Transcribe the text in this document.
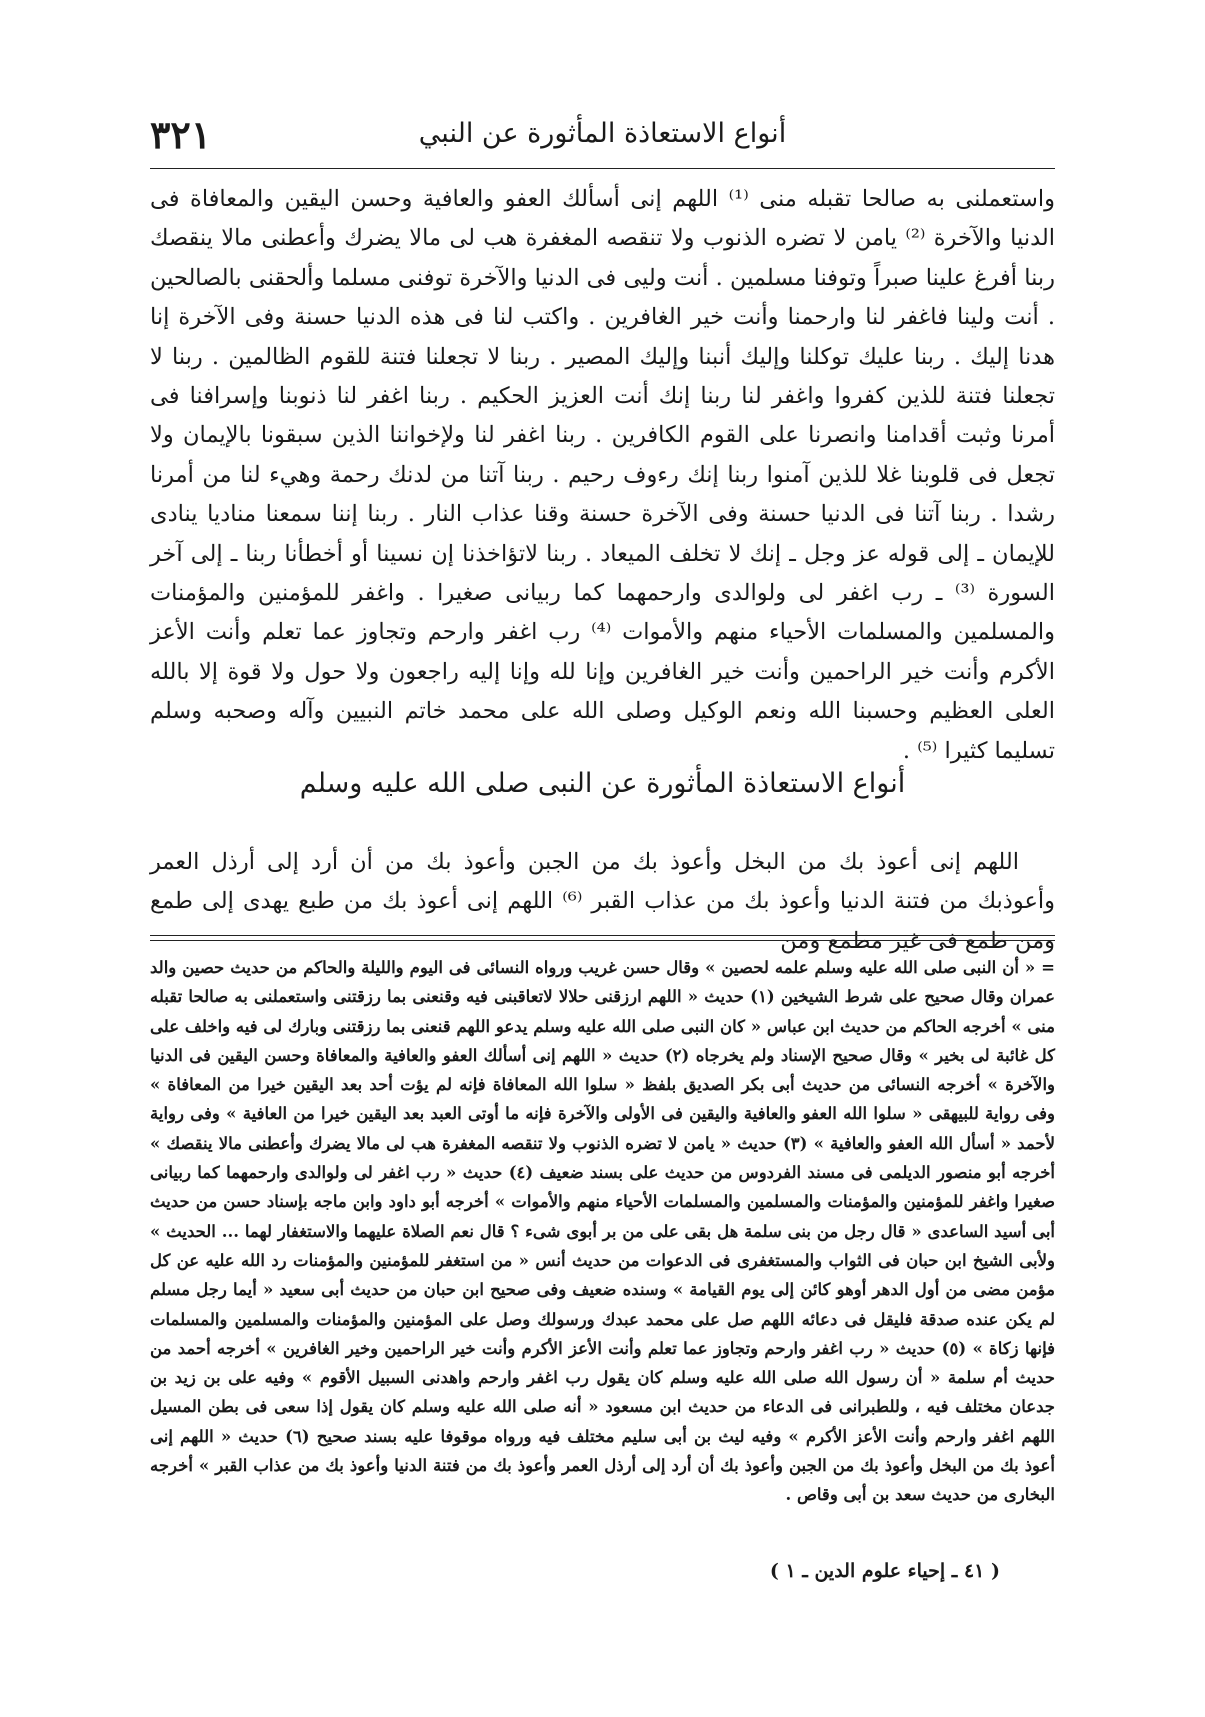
٣٢١	أنواع الاستعاذة المأثورة عن النبي

واستعملنى به صالحا تقبله منى ⁽¹⁾ اللهم إنى أسألك العفو والعافية وحسن اليقين والمعافاة فى الدنيا والآخرة ⁽²⁾ يامن لا تضره الذنوب ولا تنقصه المغفرة هب لى مالا يضرك وأعطنى مالا ينقصك ربنا أفرغ علينا صبراً وتوفنا مسلمين . أنت وليى فى الدنيا والآخرة توفنى مسلما وألحقنى بالصالحين . أنت ولينا فاغفر لنا وارحمنا وأنت خير الغافرين . واكتب لنا فى هذه الدنيا حسنة وفى الآخرة إنا هدنا إليك . ربنا عليك توكلنا وإليك أنبنا وإليك المصير . ربنا لا تجعلنا فتنة للقوم الظالمين . ربنا لا تجعلنا فتنة للذين كفروا واغفر لنا ربنا إنك أنت العزيز الحكيم . ربنا اغفر لنا ذنوبنا وإسرافنا فى أمرنا وثبت أقدامنا وانصرنا على القوم الكافرين . ربنا اغفر لنا ولإخواننا الذين سبقونا بالإيمان ولا تجعل فى قلوبنا غلا للذين آمنوا ربنا إنك رءوف رحيم . ربنا آتنا من لدنك رحمة وهيء لنا من أمرنا رشدا . ربنا آتنا فى الدنيا حسنة وفى الآخرة حسنة وقنا عذاب النار . ربنا إننا سمعنا مناديا ينادى للإيمان ـ إلى قوله عز وجل ـ إنك لا تخلف الميعاد . ربنا لاتؤاخذنا إن نسينا أو أخطأنا ربنا ـ إلى آخر السورة ⁽³⁾ ـ رب اغفر لى ولوالدى وارحمهما كما ربيانى صغيرا . واغفر للمؤمنين والمؤمنات والمسلمين والمسلمات الأحياء منهم والأموات ⁽⁴⁾ رب اغفر وارحم وتجاوز عما تعلم وأنت الأعز الأكرم وأنت خير الراحمين وأنت خير الغافرين وإنا لله وإنا إليه راجعون ولا حول ولا قوة إلا بالله العلى العظيم وحسبنا الله ونعم الوكيل وصلى الله على محمد خاتم النبيين وآله وصحبه وسلم تسليما كثيرا ⁽⁵⁾ .

أنواع الاستعاذة المأثورة عن النبى صلى الله عليه وسلم

اللهم إنى أعوذ بك من البخل وأعوذ بك من الجبن وأعوذ بك من أن أرد إلى أرذل العمر وأعوذبك من فتنة الدنيا وأعوذ بك من عذاب القبر ⁽⁶⁾ اللهم إنى أعوذ بك من طبع يهدى إلى طمع ومن طمع فى غير مطمع ومن

= « أن النبى صلى الله عليه وسلم علمه لحصين » وقال حسن غريب ورواه النسائى فى اليوم والليلة والحاكم من حديث حصين والد عمران وقال صحيح على شرط الشيخين (١) حديث « اللهم ارزقنى حلالا لاتعاقبنى فيه وقنعنى بما رزقتنى واستعملنى به صالحا تقبله منى » أخرجه الحاكم من حديث ابن عباس « كان النبى صلى الله عليه وسلم يدعو اللهم قنعنى بما رزقتنى وبارك لى فيه واخلف على كل غائبة لى بخير » وقال صحيح الإسناد ولم يخرجاه (٢) حديث « اللهم إنى أسألك العفو والعافية والمعافاة وحسن اليقين فى الدنيا والآخرة » أخرجه النسائى من حديث أبى بكر الصديق بلفظ « سلوا الله المعافاة فإنه لم يؤت أحد بعد اليقين خيرا من المعافاة » وفى رواية للبيهقى « سلوا الله العفو والعافية واليقين فى الأولى والآخرة فإنه ما أوتى العبد بعد اليقين خيرا من العافية » وفى رواية لأحمد « أسأل الله العفو والعافية » (٣) حديث « يامن لا تضره الذنوب ولا تنقصه المغفرة هب لى مالا يضرك وأعطنى مالا ينقصك » أخرجه أبو منصور الديلمى فى مسند الفردوس من حديث على بسند ضعيف (٤) حديث « رب اغفر لى ولوالدى وارحمهما كما ربيانى صغيرا واغفر للمؤمنين والمؤمنات والمسلمين والمسلمات الأحياء منهم والأموات » أخرجه أبو داود وابن ماجه بإسناد حسن من حديث أبى أسيد الساعدى « قال رجل من بنى سلمة هل بقى على من بر أبوى شىء ؟ قال نعم الصلاة عليهما والاستغفار لهما ... الحديث » ولأبى الشيخ ابن حبان فى الثواب والمستغفرى فى الدعوات من حديث أنس « من استغفر للمؤمنين والمؤمنات رد الله عليه عن كل مؤمن مضى من أول الدهر أوهو كائن إلى يوم القيامة » وسنده ضعيف وفى صحيح ابن حبان من حديث أبى سعيد « أيما رجل مسلم لم يكن عنده صدقة فليقل فى دعائه اللهم صل على محمد عبدك ورسولك وصل على المؤمنين والمؤمنات والمسلمين والمسلمات فإنها زكاة » (٥) حديث « رب اغفر وارحم وتجاوز عما تعلم وأنت الأعز الأكرم وأنت خير الراحمين وخير الغافرين » أخرجه أحمد من حديث أم سلمة « أن رسول الله صلى الله عليه وسلم كان يقول رب اغفر وارحم واهدنى السبيل الأقوم » وفيه على بن زيد بن جدعان مختلف فيه ، وللطبرانى فى الدعاء من حديث ابن مسعود « أنه صلى الله عليه وسلم كان يقول إذا سعى فى بطن المسيل اللهم اغفر وارحم وأنت الأعز الأكرم » وفيه ليث بن أبى سليم مختلف فيه ورواه موقوفا عليه بسند صحيح (٦) حديث « اللهم إنى أعوذ بك من البخل وأعوذ بك من الجبن وأعوذ بك أن أرد إلى أرذل العمر وأعوذ بك من فتنة الدنيا وأعوذ بك من عذاب القبر » أخرجه البخارى من حديث سعد بن أبى وقاص .

( ٤١ ـ إحياء علوم الدين ـ ١ )
